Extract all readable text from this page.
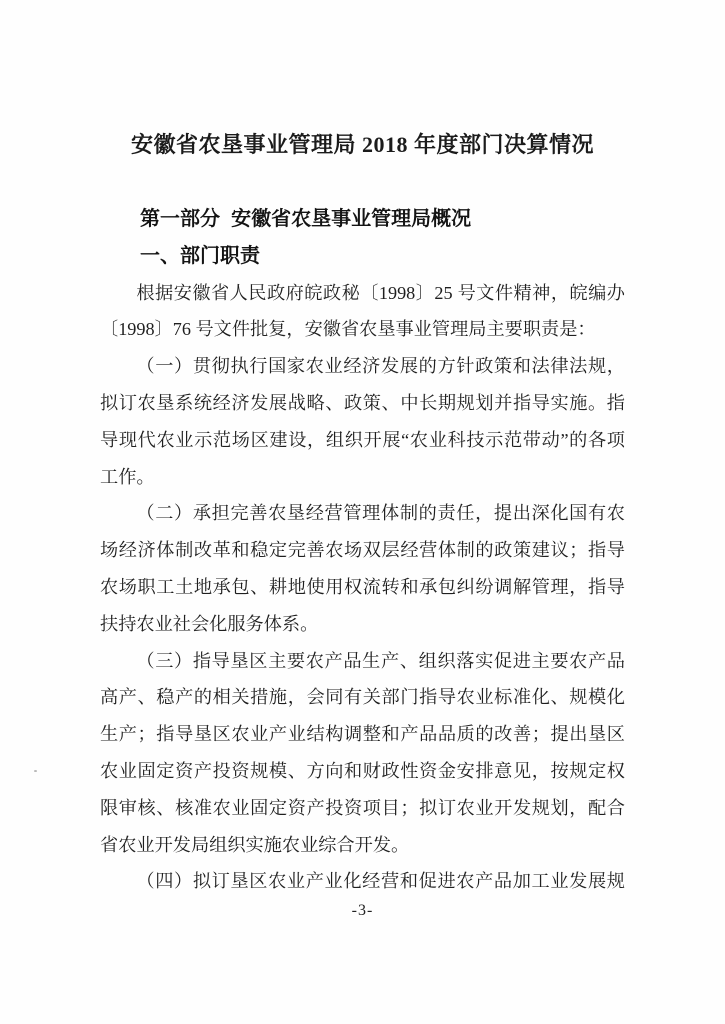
安徽省农垦事业管理局 2018 年度部门决算情况
第一部分  安徽省农垦事业管理局概况
一、部门职责
根据安徽省人民政府皖政秘〔1998〕25 号文件精神，皖编办
〔1998〕76 号文件批复，安徽省农垦事业管理局主要职责是：
（一）贯彻执行国家农业经济发展的方针政策和法律法规，
拟订农垦系统经济发展战略、政策、中长期规划并指导实施。指
导现代农业示范场区建设，组织开展“农业科技示范带动”的各项
工作。
（二）承担完善农垦经营管理体制的责任，提出深化国有农
场经济体制改革和稳定完善农场双层经营体制的政策建议；指导
农场职工土地承包、耕地使用权流转和承包纠纷调解管理，指导
扶持农业社会化服务体系。
（三）指导垦区主要农产品生产、组织落实促进主要农产品
高产、稳产的相关措施，会同有关部门指导农业标准化、规模化
生产；指导垦区农业产业结构调整和产品品质的改善；提出垦区
农业固定资产投资规模、方向和财政性资金安排意见，按规定权
限审核、核准农业固定资产投资项目；拟订农业开发规划，配合
省农业开发局组织实施农业综合开发。
（四）拟订垦区农业产业化经营和促进农产品加工业发展规
-3-
